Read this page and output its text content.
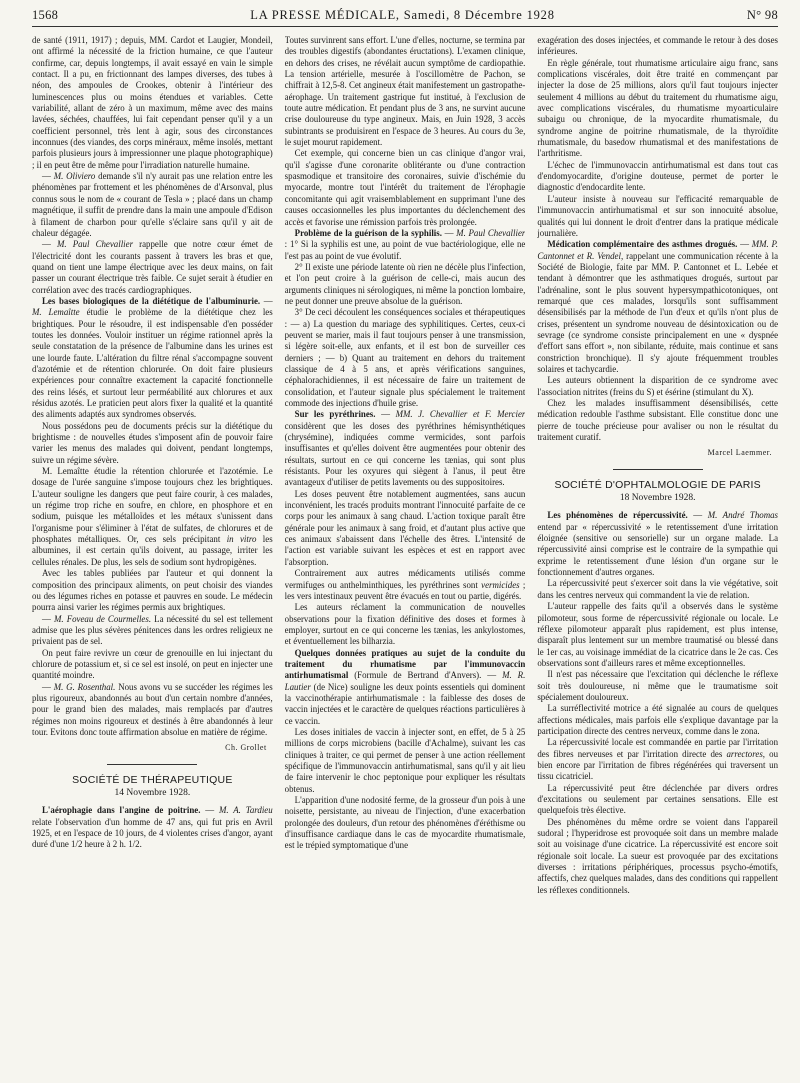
1568	LA PRESSE MÉDICALE, Samedi, 8 Décembre 1928	N° 98

de santé (1911, 1917) ; depuis, MM. Cardot et Laugier, Mondeil, ont affirmé la nécessité de la friction humaine, ce que l'auteur confirme, car, depuis longtemps, il avait essayé en vain le simple contact. Il a pu, en frictionnant des lampes diverses, des tubes à néon, des ampoules de Crookes, obtenir à l'intérieur des luminescences plus ou moins étendues et variables. Cette variabilité, allant de zéro à un maximum, même avec des mains lavées, séchées, chauffées, lui fait cependant penser qu'il y a un coefficient personnel, très lent à agir, sous des circonstances inconnues (des viandes, des corps minéraux, même insolés, mettant parfois plusieurs jours à impressionner une plaque photographique) ; il en peut être de même pour l'irradiation naturelle humaine.

— M. Oliviero demande s'il n'y aurait pas une relation entre les phénomènes par frottement et les phénomènes de d'Arsonval, plus connus sous le nom de « courant de Tesla » ; placé dans un champ magnétique, il suffit de prendre dans la main une ampoule d'Edison à filament de charbon pour qu'elle s'éclaire sans qu'il y ait de chaleur dégagée.

— M. Paul Chevallier rappelle que notre cœur émet de l'électricité dont les courants passent à travers les bras et que, quand on tient une lampe électrique avec les deux mains, on fait passer un courant électrique très faible. Ce sujet serait à étudier en corrélation avec des tracés cardiographiques.

Les bases biologiques de la diététique de l'albuminurie. — M. Lemaîtte étudie le problème de la diététique chez les brightiques. Pour le résoudre, il est indispensable d'en posséder toutes les données. Vouloir instituer un régime rationnel après la seule constatation de la présence de l'albumine dans les urines est une lourde faute. L'altération du filtre rénal s'accompagne souvent d'azotémie et de rétention chlorurée. On doit faire plusieurs expériences pour connaître exactement la capacité fonctionnelle des reins lésés, et surtout leur perméabilité aux chlorures et aux résidus azotés. Le praticien peut alors fixer la qualité et la quantité des aliments adaptés aux syndromes observés.

Nous possédons peu de documents précis sur la diététique du brightisme : de nouvelles études s'imposent afin de pouvoir faire varier les menus des malades qui doivent, pendant longtemps, suivre un régime sévère.

M. Lemaîtte étudie la rétention chlorurée et l'azotémie. Le dosage de l'urée sanguine s'impose toujours chez les brightiques. L'auteur souligne les dangers que peut faire courir, à ces malades, un régime trop riche en soufre, en chlore, en phosphore et en sodium, puisque les métalloïdes et les métaux s'unissent dans l'organisme pour s'éliminer à l'état de sulfates, de chlorures et de phosphates métalliques. Or, ces sels précipitant in vitro les albumines, il est certain qu'ils doivent, au passage, irriter les cellules rénales. De plus, les sels de sodium sont hydropigènes.

Avec les tables publiées par l'auteur et qui donnent la composition des principaux aliments, on peut choisir des viandes ou des légumes riches en potasse et pauvres en soude. Le médecin pourra ainsi varier les régimes permis aux brightiques.

— M. Foveau de Courmelles. La nécessité du sel est tellement admise que les plus sévères pénitences dans les ordres religieux ne privaient pas de sel.

On peut faire revivre un cœur de grenouille en lui injectant du chlorure de potassium et, si ce sel est insolé, on peut en injecter une quantité moindre.

— M. G. Rosenthal. Nous avons vu se succéder les régimes les plus rigoureux, abandonnés au bout d'un certain nombre d'années, pour le grand bien des malades, mais remplacés par d'autres régimes non moins rigoureux et destinés à être abandonnés à leur tour. Evitons donc toute affirmation absolue en matière de régime.

Ch. Grollet
SOCIÉTÉ DE THÉRAPEUTIQUE
14 Novembre 1928.

L'aérophagie dans l'angine de poitrine. — M. A. Tardieu relate l'observation d'un homme de 47 ans, qui fut pris en Avril 1925, et en l'espace de 10 jours, de 4 violentes crises d'angor, ayant duré d'une 1/2 heure à 2 h. 1/2.

Toutes survinrent sans effort. L'une d'elles, nocturne, se termina par des troubles digestifs (abondantes éructations). L'examen clinique, en dehors des crises, ne révélait aucun symptôme de cardiopathie. La tension artérielle, mesurée à l'oscillomètre de Pachon, se chiffrait à 12,5-8. Cet angineux était manifestement un gastropathe-aérophage. Un traitement gastrique fut institué, à l'exclusion de toute autre médication. Et pendant plus de 3 ans, ne survint aucune crise douloureuse du type angineux. Mais, en Juin 1928, 3 accès subintrants se produisirent en l'espace de 3 heures. Au cours du 3e, le sujet mourut rapidement.

Cet exemple, qui concerne bien un cas clinique d'angor vrai, qu'il s'agisse d'une coronarite oblitérante ou d'une contraction spasmodique et transitoire des coronaires, suivie d'ischémie du myocarde, montre tout l'intérêt du traitement de l'érophagie concomitante qui agit vraisemblablement en supprimant l'une des causes occasionnelles les plus importantes du déclenchement des accès et favorise une rémission parfois très prolongée.

Problème de la guérison de la syphilis. — M. Paul Chevallier : 1° Si la syphilis est une, au point de vue bactériologique, elle ne l'est pas au point de vue évolutif.

2° Il existe une période latente où rien ne décèle plus l'infection, et l'on peut croire à la guérison de celle-ci, mais aucun des arguments cliniques ni sérologiques, ni même la ponction lombaire, ne peut donner une preuve absolue de la guérison.

3° De ceci découlent les conséquences sociales et thérapeutiques : — a) La question du mariage des syphilitiques. Certes, ceux-ci peuvent se marier, mais il faut toujours penser à une transmission, si légère soit-elle, aux enfants, et il est bon de surveiller ces derniers ; — b) Quant au traitement en dehors du traitement classique de 4 à 5 ans, et après vérifications sanguines, céphalorachidiennes, il est nécessaire de faire un traitement de consolidation, et l'auteur signale plus spécialement le traitement commode des injections d'huile grise.

Sur les pyréthrines. — MM. J. Chevallier et F. Mercier considèrent que les doses des pyréthrines hémisynthétiques (chrysémine), indiquées comme vermicides, sont parfois insuffisantes et qu'elles doivent être augmentées pour obtenir des résultats, surtout en ce qui concerne les tænias, qui sont plus résistants. Pour les oxyures qui siègent à l'anus, il peut être avantageux d'utiliser de petits lavements ou des suppositoires.

Les doses peuvent être notablement augmentées, sans aucun inconvénient, les tracés produits montrant l'innocuité parfaite de ce corps pour les animaux à sang chaud. L'action toxique paraît être générale pour les animaux à sang froid, et d'autant plus active que ces animaux s'abaissent dans l'échelle des êtres. L'intensité de l'action est variable suivant les espèces et est en rapport avec l'absorption.

Contrairement aux autres médicaments utilisés comme vermifuges ou anthelminthiques, les pyréthrines sont vermicides ; les vers intestinaux peuvent être évacués en tout ou partie, digérés.

Les auteurs réclament la communication de nouvelles observations pour la fixation définitive des doses et formes à employer, surtout en ce qui concerne les tænias, les ankylostomes, et éventuellement les bilharzia.

Quelques données pratiques au sujet de la conduite du traitement du rhumatisme par l'immunovaccin antirhumatismal (Formule de Bertrand d'Anvers). — M. R. Lautier (de Nice) souligne les deux points essentiels qui dominent la vaccinothérapie antirhumatismale : la faiblesse des doses de vaccin injectées et le caractère de quelques réactions particulières à ce vaccin.

Les doses initiales de vaccin à injecter sont, en effet, de 5 à 25 millions de corps microbiens (bacille d'Achalme), suivant les cas cliniques à traiter, ce qui permet de penser à une action réellement spécifique de l'immunovaccin antirhumatismal, sans qu'il y ait lieu de faire intervenir le choc peptonique pour expliquer les résultats obtenus.

L'apparition d'une nodosité ferme, de la grosseur d'un pois à une noisette, persistante, au niveau de l'injection, d'une exacerbation prolongée des douleurs, d'un retour des phénomènes d'éréthisme ou d'insuffisance cardiaque dans le cas de myocardite rhumatismale, est le trépied symptomatique d'une

exagération des doses injectées, et commande le retour à des doses inférieures.

En règle générale, tout rhumatisme articulaire aigu franc, sans complications viscérales, doit être traité en commençant par injecter la dose de 25 millions, alors qu'il faut toujours injecter seulement 4 millions au début du traitement du rhumatisme aigu, avec complications viscérales, du rhumatisme myoarticulaire subaigu ou chronique, de la myocardite rhumatismale, du syndrome angine de poitrine rhumatismale, de la thyroïdite rhumatismale, du basedow rhumatismal et des manifestations de l'arthritisme.

L'échec de l'immunovaccin antirhumatismal est dans tout cas d'endomyocardite, d'origine douteuse, permet de porter le diagnostic d'endocardite lente.

L'auteur insiste à nouveau sur l'efficacité remarquable de l'immunovaccin antirhumatismal et sur son innocuité absolue, qualités qui lui donnent le droit d'entrer dans la pratique médicale journalière.

Médication complémentaire des asthmes drogués. — MM. P. Cantonnet et R. Vendel, rappelant une communication récente à la Société de Biologie, faite par MM. P. Cantonnet et L. Lebée et tendant à démontrer que les asthmatiques drogués, surtout par l'adrénaline, sont le plus souvent hypersympathicotoniques, ont remarqué que ces malades, lorsqu'ils sont suffisamment désensibilisés par la méthode de l'un d'eux et qu'ils n'ont plus de crises, présentent un syndrome nouveau de désintoxication ou de sevrage (ce syndrome consiste principalement en une « dyspnée d'effort sans effort », non sibilante, réduite, mais continue et sans constriction bronchique). Il s'y ajoute fréquemment troubles solaires et tachycardie.

Les auteurs obtiennent la disparition de ce syndrome avec l'association nitrites (freins du S) et ésérine (stimulant du X).

Chez les malades insuffisamment désensibilisés, cette médication redouble l'asthme subsistant. Elle constitue donc une pierre de touche précieuse pour avaliser ou non le résultat du traitement curatif.

Marcel Laemmer.
SOCIÉTÉ D'OPHTALMOLOGIE DE PARIS
18 Novembre 1928.

Les phénomènes de répercussivité. — M. André Thomas entend par « répercussivité » le retentissement d'une irritation éloignée (sensitive ou sensorielle) sur un organe malade. La répercussivité ainsi comprise est le contraire de la sympathie qui exprime le retentissement d'une lésion d'un organe sur le fonctionnement d'autres organes.

La répercussivité peut s'exercer soit dans la vie végétative, soit dans les centres nerveux qui commandent la vie de relation.

L'auteur rappelle des faits qu'il a observés dans le système pilomoteur, sous forme de répercussivité régionale ou locale. Le réflexe pilomoteur apparaît plus rapidement, est plus intense, disparaît plus lentement sur un membre traumatisé ou blessé dans le 1er cas, au voisinage immédiat de la cicatrice dans le 2e cas. Ces observations sont d'ailleurs rares et même exceptionnelles.

Il n'est pas nécessaire que l'excitation qui déclenche le réflexe soit très douloureuse, ni même que le traumatisme soit spécialement douloureux.

La surréflectivité motrice a été signalée au cours de quelques affections médicales, mais parfois elle s'explique davantage par la participation directe des centres nerveux, comme dans le zona.

La répercussivité locale est commandée en partie par l'irritation des fibres nerveuses et par l'irritation directe des arrectores, ou bien encore par l'irritation de fibres régénérées qui traversent un tissu cicatriciel.

La répercussivité peut être déclenchée par divers ordres d'excitations ou seulement par certaines sensations. Elle est quelquefois très élective.

Des phénomènes du même ordre se voient dans l'appareil sudoral ; l'hyperidrose est provoquée soit dans un membre malade soit au voisinage d'une cicatrice. La répercussivité est encore soit régionale soit locale. La sueur est provoquée par des excitations diverses : irritations périphériques, processus psycho-émotifs, affectifs, chez quelques malades, dans des conditions qui rappellent les réflexes conditionnels.
